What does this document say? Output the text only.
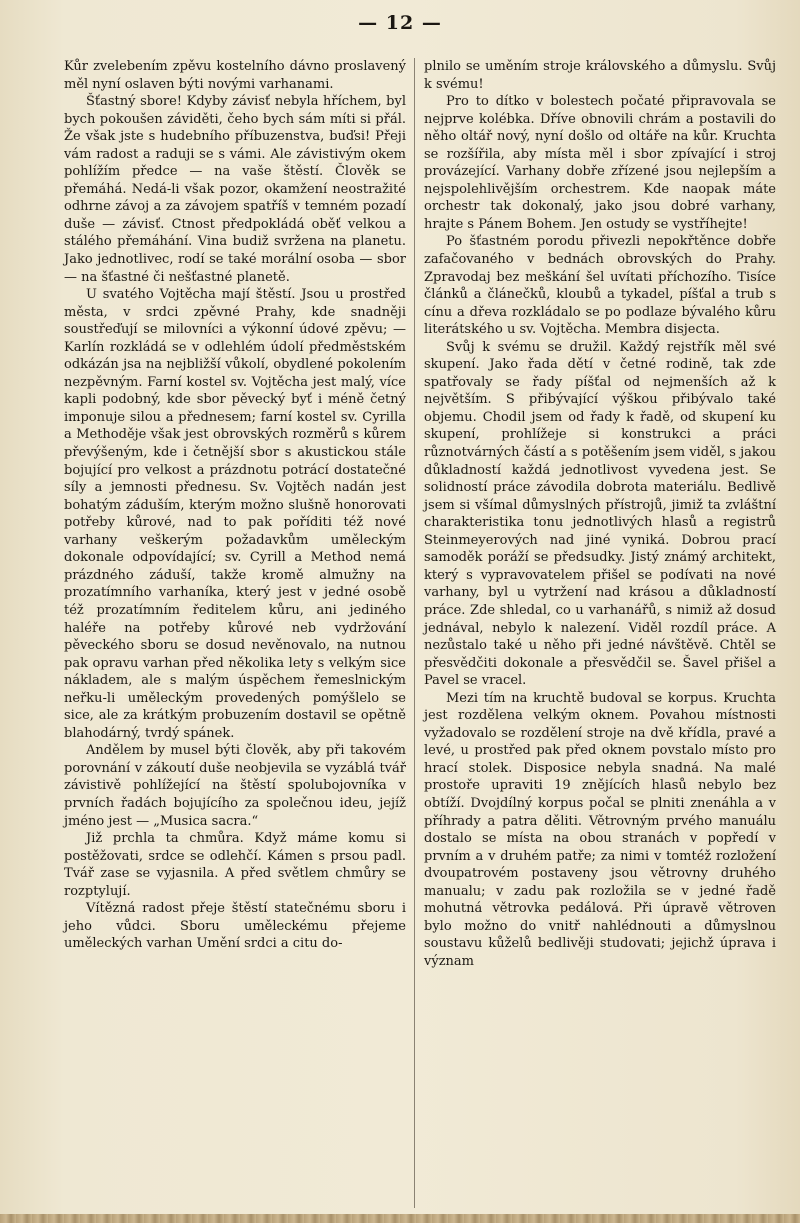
— 12 —

Kůr zvelebením zpěvu kostelního dávno proslavený měl nyní oslaven býti novými varhanami.

Šťastný sbore! Kdyby závisť nebyla hříchem, byl bych pokoušen záviděti, čeho bych sám míti si přál. Že však jste s hudebního příbuzenstva, buďsi! Přeji vám radost a raduji se s vámi. Ale závistivým okem pohlížím předce — na vaše štěstí. Člověk se přemáhá. Nedá-li však pozor, okamžení neostražité odhrne závoj a za závojem spatříš v temném pozadí duše — závisť. Ctnost předpokládá oběť velkou a stálého přemáhání. Vina budiž svržena na planetu. Jako jednotlivec, rodí se také morální osoba — sbor — na šťastné či nešťastné planetě.

U svatého Vojtěcha mají štěstí. Jsou u prostřed města, v srdci zpěvné Prahy, kde snadněji soustřeďují se milovníci a výkonní údové zpěvu; — Karlín rozkládá se v odlehlém údolí předměstském odkázán jsa na nejbližší vůkolí, obydlené pokolením nezpěvným. Farní kostel sv. Vojtěcha jest malý, více kapli podobný, kde sbor pěvecký byť i méně četný imponuje silou a přednesem; farní kostel sv. Cyrilla a Methoděje však jest obrovských rozměrů s kůrem převýšeným, kde i četnější sbor s akustickou stále bojující pro velkost a prázdnotu potrácí dostatečné síly a jemnosti přednesu. Sv. Vojtěch nadán jest bohatým záduším, kterým možno slušně honorovati potřeby kůrové, nad to pak poříditi též nové varhany veškerým požadavkům uměleckým dokonale odpovídající; sv. Cyrill a Method nemá prázdného záduší, takže kromě almužny na prozatímního varhaníka, který jest v jedné osobě též prozatímním ředitelem kůru, ani jediného haléře na potřeby kůrové neb vydržování pěveckého sboru se dosud nevěnovalo, na nutnou pak opravu varhan před několika lety s velkým sice nákladem, ale s malým úspěchem řemeslnickým neřku-li uměleckým provedených pomýšlelo se sice, ale za krátkým probuzením dostavil se opětně blahodárný, tvrdý spánek.

Andělem by musel býti člověk, aby při takovém porovnání v zákoutí duše neobjevila se vyzáblá tvář závistivě pohlížející na štěstí spolubojovníka v prvních řadách bojujícího za společnou ideu, jejíž jméno jest — „Musica sacra.“

Již prchla ta chmůra. Když máme komu si postěžovati, srdce se odlehčí. Kámen s prsou padl. Tvář zase se vyjasnila. A před světlem chmůry se rozptylují.

Vítězná radost přeje štěstí statečnému sboru i jeho vůdci. Sboru uměleckému přejeme uměleckých varhan Umění srdci a citu do-

plnilo se uměním stroje královského a důmyslu. Svůj k svému!

Pro to dítko v bolestech počaté připravovala se nejprve kolébka. Dříve obnovili chrám a postavili do něho oltář nový, nyní došlo od oltáře na kůr. Kruchta se rozšířila, aby místa měl i sbor zpívající i stroj provázející. Varhany dobře zřízené jsou nejlepším a nejspolehlivějším orchestrem. Kde naopak máte orchestr tak dokonalý, jako jsou dobré varhany, hrajte s Pánem Bohem. Jen ostudy se vystříhejte!

Po šťastném porodu přivezli nepokřtěnce dobře zafačovaného v bednách obrovských do Prahy. Zpravodaj bez meškání šel uvítati příchozího. Tisíce článků a článečků, kloubů a tykadel, píšťal a trub s cínu a dřeva rozkládalo se po podlaze bývalého kůru literátského u sv. Vojtěcha. Membra disjecta.

Svůj k svému se družil. Každý rejstřík měl své skupení. Jako řada dětí v četné rodině, tak zde spatřovaly se řady píšťal od nejmenších až k největším. S přibývající výškou přibývalo také objemu. Chodil jsem od řady k řadě, od skupení ku skupení, prohlížeje si konstrukci a práci různotvárných částí a s potěšením jsem viděl, s jakou důkladností každá jednotlivost vyvedena jest. Se solidností práce závodila dobrota materiálu. Bedlivě jsem si všímal důmyslných přístrojů, jimiž ta zvláštní charakteristika tonu jednotlivých hlasů a registrů Steinmeyerových nad jiné vyniká. Dobrou prací samoděk poráží se předsudky. Jistý známý architekt, který s vypravovatelem přišel se podívati na nové varhany, byl u vytržení nad krásou a důkladností práce. Zde shledal, co u varhanářů, s nimiž až dosud jednával, nebylo k nalezení. Viděl rozdíl práce. A nezůstalo také u něho při jedné návštěvě. Chtěl se přesvědčiti dokonale a přesvědčil se. Šavel přišel a Pavel se vracel.

Mezi tím na kruchtě budoval se korpus. Kruchta jest rozdělena velkým oknem. Povahou místnosti vyžadovalo se rozdělení stroje na dvě křídla, pravé a levé, u prostřed pak před oknem povstalo místo pro hrací stolek. Disposice nebyla snadná. Na malé prostoře upraviti 19 znějících hlasů nebylo bez obtíží. Dvojdílný korpus počal se plniti znenáhla a v příhrady a patra děliti. Větrovným prvého manuálu dostalo se místa na obou stranách v popředí v prvním a v druhém patře; za nimi v tomtéž rozložení dvoupatrovém postaveny jsou větrovny druhého manualu; v zadu pak rozložila se v jedné řadě mohutná větrovka pedálová. Při úpravě větroven bylo možno do vnitř nahlédnouti a důmyslnou soustavu kůželů bedlivěji studovati; jejichž úprava i význam
